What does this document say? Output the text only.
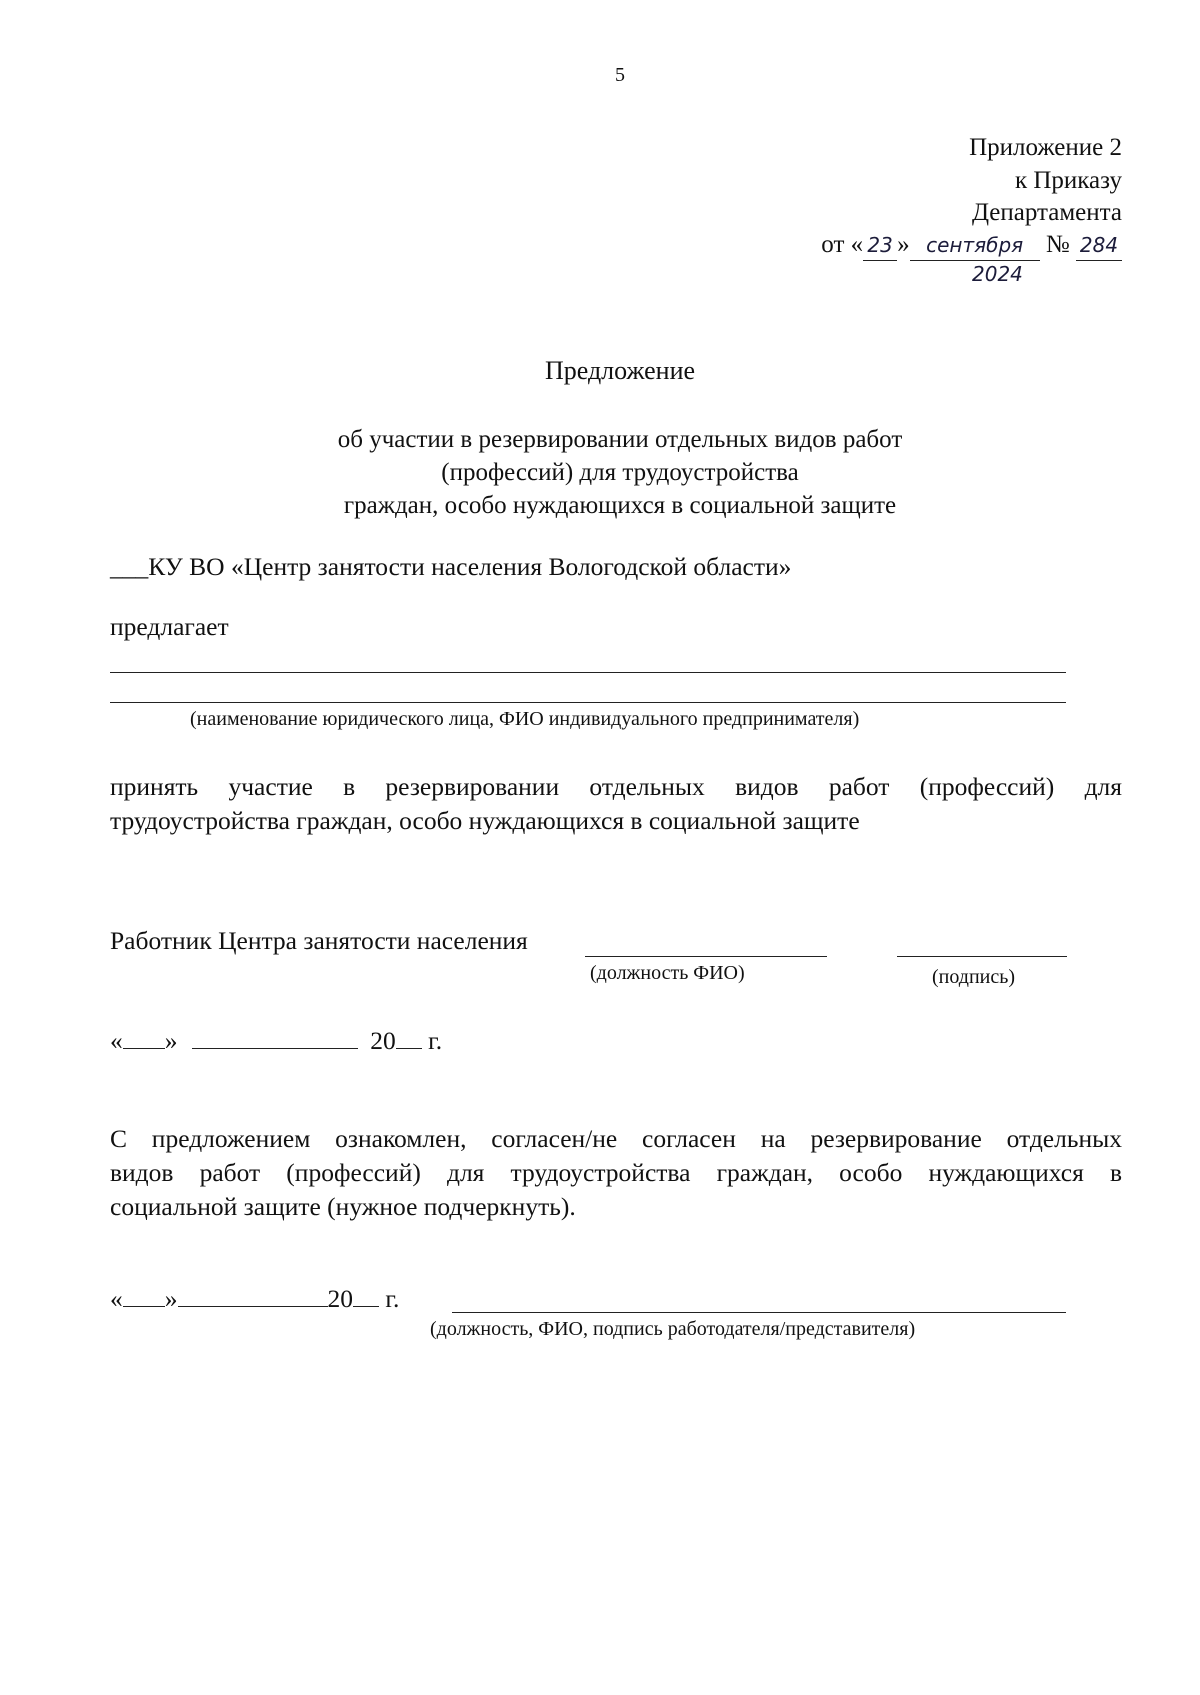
5
Приложение 2
к Приказу
Департамента
от « 23 » сентября № 284
2024
Предложение
об участии в резервировании отдельных видов работ
(профессий) для трудоустройства
граждан, особо нуждающихся в социальной защите
___КУ ВО «Центр занятости населения Вологодской области»
предлагает
(наименование юридического лица, ФИО индивидуального предпринимателя)
принять участие в резервировании отдельных видов работ (профессий) для
трудоустройства граждан, особо нуждающихся в социальной защите
Работник Центра занятости населения
(должность ФИО)	(подпись)
« »	20 г.
С предложением ознакомлен, согласен/не согласен на резервирование отдельных
видов работ (профессий) для трудоустройства граждан, особо нуждающихся в
социальной защите (нужное подчеркнуть).
« »	20 г.
(должность, ФИО, подпись работодателя/представителя)
